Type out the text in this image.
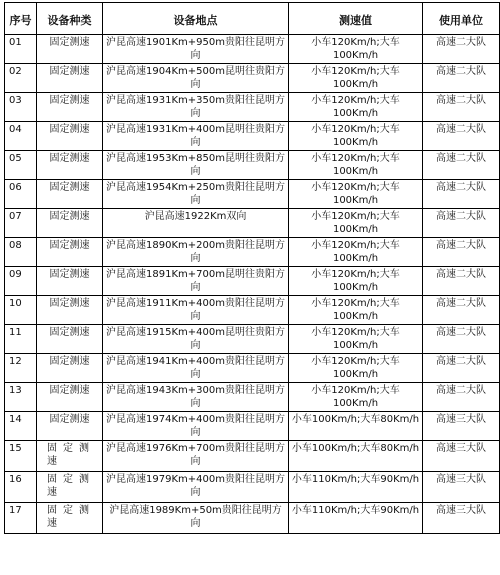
序号	设备种类	设备地点	测速值	使用单位
01	固定测速	沪昆高速1901Km+950m贵阳往昆明方向	小车120Km/h;大车100Km/h	高速二大队
02	固定测速	沪昆高速1904Km+500m昆明往贵阳方向	小车120Km/h;大车100Km/h	高速二大队
03	固定测速	沪昆高速1931Km+350m贵阳往昆明方向	小车120Km/h;大车100Km/h	高速二大队
04	固定测速	沪昆高速1931Km+400m昆明往贵阳方向	小车120Km/h;大车100Km/h	高速二大队
05	固定测速	沪昆高速1953Km+850m昆明往贵阳方向	小车120Km/h;大车100Km/h	高速二大队
06	固定测速	沪昆高速1954Km+250m贵阳往昆明方向	小车120Km/h;大车100Km/h	高速二大队
07	固定测速	沪昆高速1922Km双向	小车120Km/h;大车100Km/h	高速二大队
08	固定测速	沪昆高速1890Km+200m贵阳往昆明方向	小车120Km/h;大车100Km/h	高速二大队
09	固定测速	沪昆高速1891Km+700m昆明往贵阳方向	小车120Km/h;大车100Km/h	高速二大队
10	固定测速	沪昆高速1911Km+400m贵阳往昆明方向	小车120Km/h;大车100Km/h	高速二大队
11	固定测速	沪昆高速1915Km+400m昆明往贵阳方向	小车120Km/h;大车100Km/h	高速二大队
12	固定测速	沪昆高速1941Km+400m贵阳往昆明方向	小车120Km/h;大车100Km/h	高速二大队
13	固定测速	沪昆高速1943Km+300m贵阳往昆明方向	小车120Km/h;大车100Km/h	高速二大队
14	固定测速	沪昆高速1974Km+400m贵阳往昆明方向	小车100Km/h;大车80Km/h	高速三大队
15	固定测速	沪昆高速1976Km+700m贵阳往昆明方向	小车100Km/h;大车80Km/h	高速三大队
16	固定测速	沪昆高速1979Km+400m贵阳往昆明方向	小车110Km/h;大车90Km/h	高速三大队
17	固定测速	沪昆高速1989Km+50m贵阳往昆明方向	小车110Km/h;大车90Km/h	高速三大队
